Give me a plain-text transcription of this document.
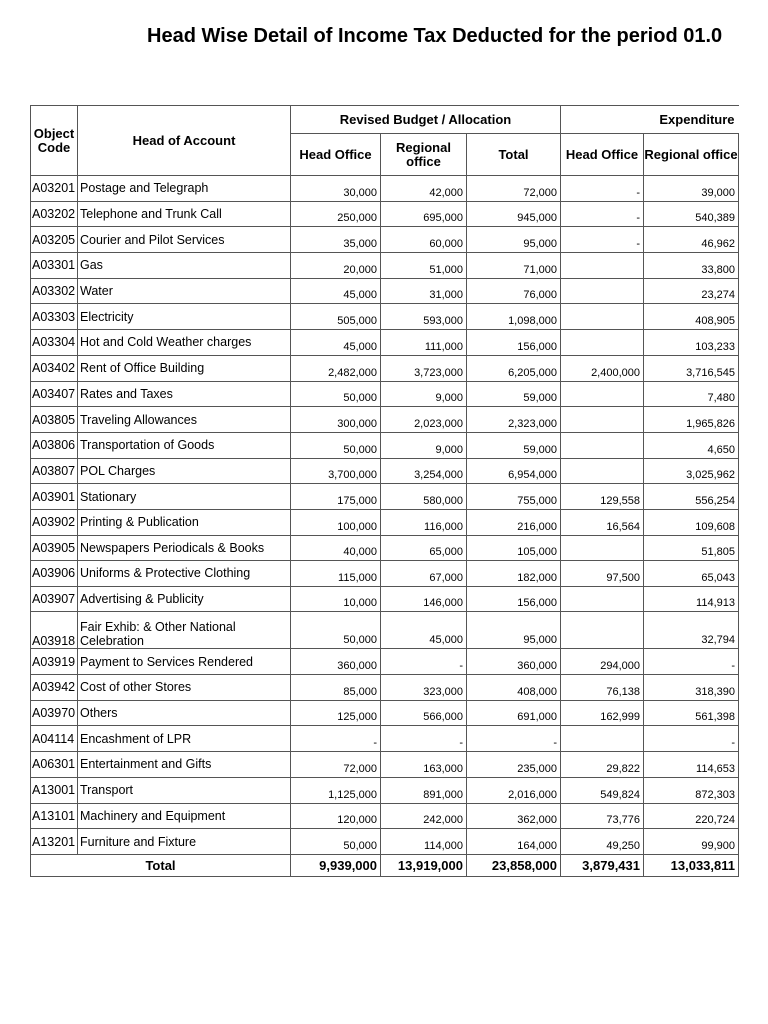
Head Wise Detail of Income Tax Deducted for the period 01.0
Object Code	Head of Account	Revised Budget / Allocation			Expenditure	
		Head Office	Regional office	Total	Head Office	Regional office
A03201	Postage and Telegraph	30,000	42,000	72,000	-	39,000
A03202	Telephone and Trunk Call	250,000	695,000	945,000	-	540,389
A03205	Courier and Pilot Services	35,000	60,000	95,000	-	46,962
A03301	Gas	20,000	51,000	71,000		33,800
A03302	Water	45,000	31,000	76,000		23,274
A03303	Electricity	505,000	593,000	1,098,000		408,905
A03304	Hot and Cold Weather charges	45,000	111,000	156,000		103,233
A03402	Rent of Office Building	2,482,000	3,723,000	6,205,000	2,400,000	3,716,545
A03407	Rates and Taxes	50,000	9,000	59,000		7,480
A03805	Traveling Allowances	300,000	2,023,000	2,323,000		1,965,826
A03806	Transportation of Goods	50,000	9,000	59,000		4,650
A03807	POL Charges	3,700,000	3,254,000	6,954,000		3,025,962
A03901	Stationary	175,000	580,000	755,000	129,558	556,254
A03902	Printing & Publication	100,000	116,000	216,000	16,564	109,608
A03905	Newspapers Periodicals & Books	40,000	65,000	105,000		51,805
A03906	Uniforms & Protective Clothing	115,000	67,000	182,000	97,500	65,043
A03907	Advertising & Publicity	10,000	146,000	156,000		114,913
A03918	Fair Exhib: & Other National Celebration	50,000	45,000	95,000		32,794
A03919	Payment to Services Rendered	360,000	-	360,000	294,000	-
A03942	Cost of other Stores	85,000	323,000	408,000	76,138	318,390
A03970	Others	125,000	566,000	691,000	162,999	561,398
A04114	Encashment of LPR	-	-	-		-
A06301	Entertainment and Gifts	72,000	163,000	235,000	29,822	114,653
A13001	Transport	1,125,000	891,000	2,016,000	549,824	872,303
A13101	Machinery and Equipment	120,000	242,000	362,000	73,776	220,724
A13201	Furniture and Fixture	50,000	114,000	164,000	49,250	99,900
Total		9,939,000	13,919,000	23,858,000	3,879,431	13,033,811
